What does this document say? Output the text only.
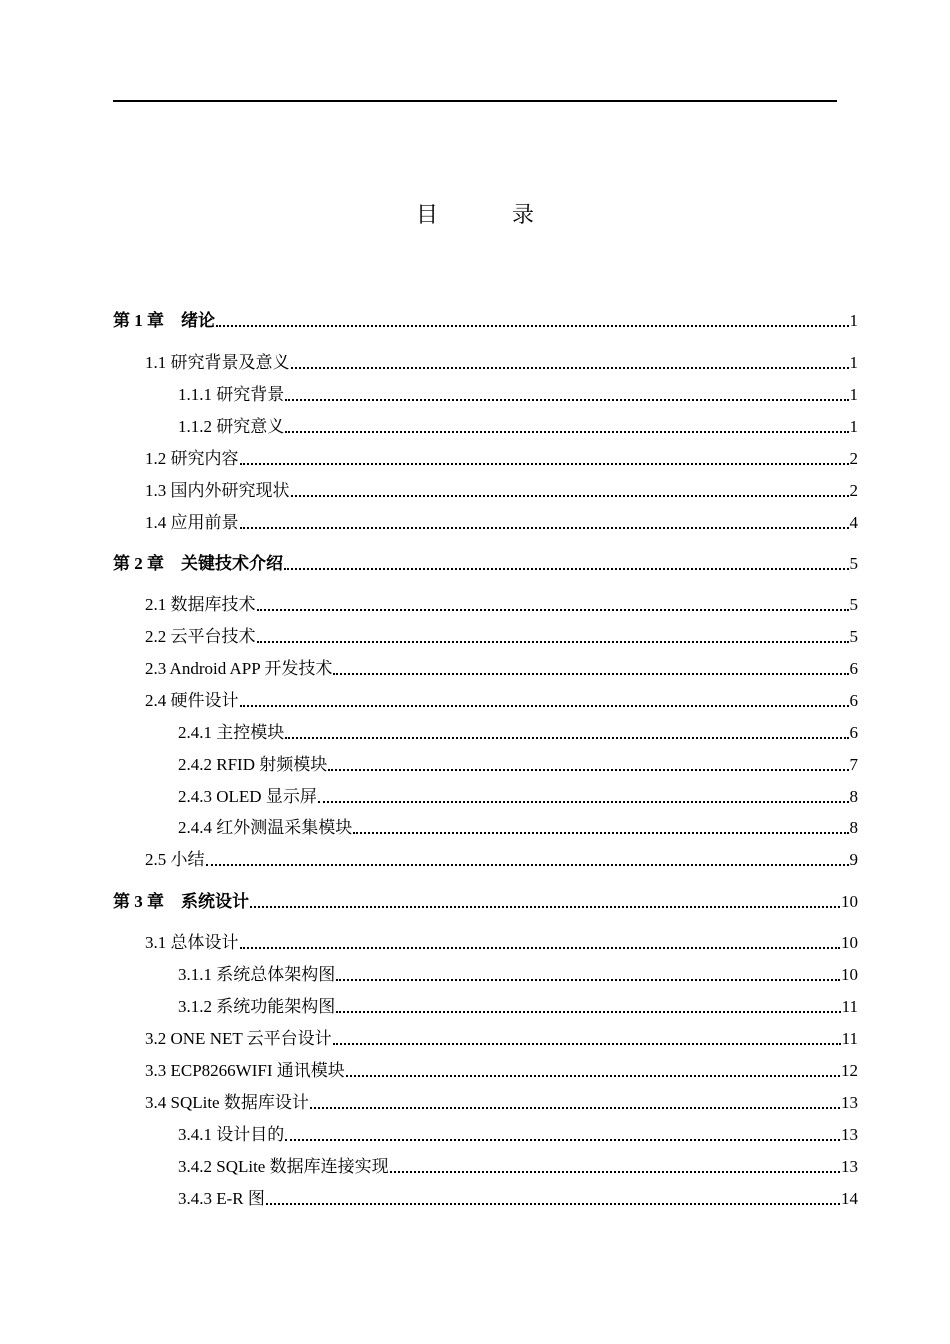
目　录
第 1 章　绪论	1
1.1 研究背景及意义	1
1.1.1 研究背景	1
1.1.2 研究意义	1
1.2 研究内容	2
1.3 国内外研究现状	2
1.4 应用前景	4
第 2 章　关键技术介绍	5
2.1 数据库技术	5
2.2 云平台技术	5
2.3 Android APP 开发技术	6
2.4 硬件设计	6
2.4.1 主控模块	6
2.4.2 RFID 射频模块	7
2.4.3 OLED 显示屏	8
2.4.4 红外测温采集模块	8
2.5 小结	9
第 3 章　系统设计	10
3.1 总体设计	10
3.1.1 系统总体架构图	10
3.1.2 系统功能架构图	11
3.2 ONE NET 云平台设计	11
3.3 ECP8266WIFI 通讯模块	12
3.4 SQLite 数据库设计	13
3.4.1 设计目的	13
3.4.2 SQLite 数据库连接实现	13
3.4.3 E-R 图	14
